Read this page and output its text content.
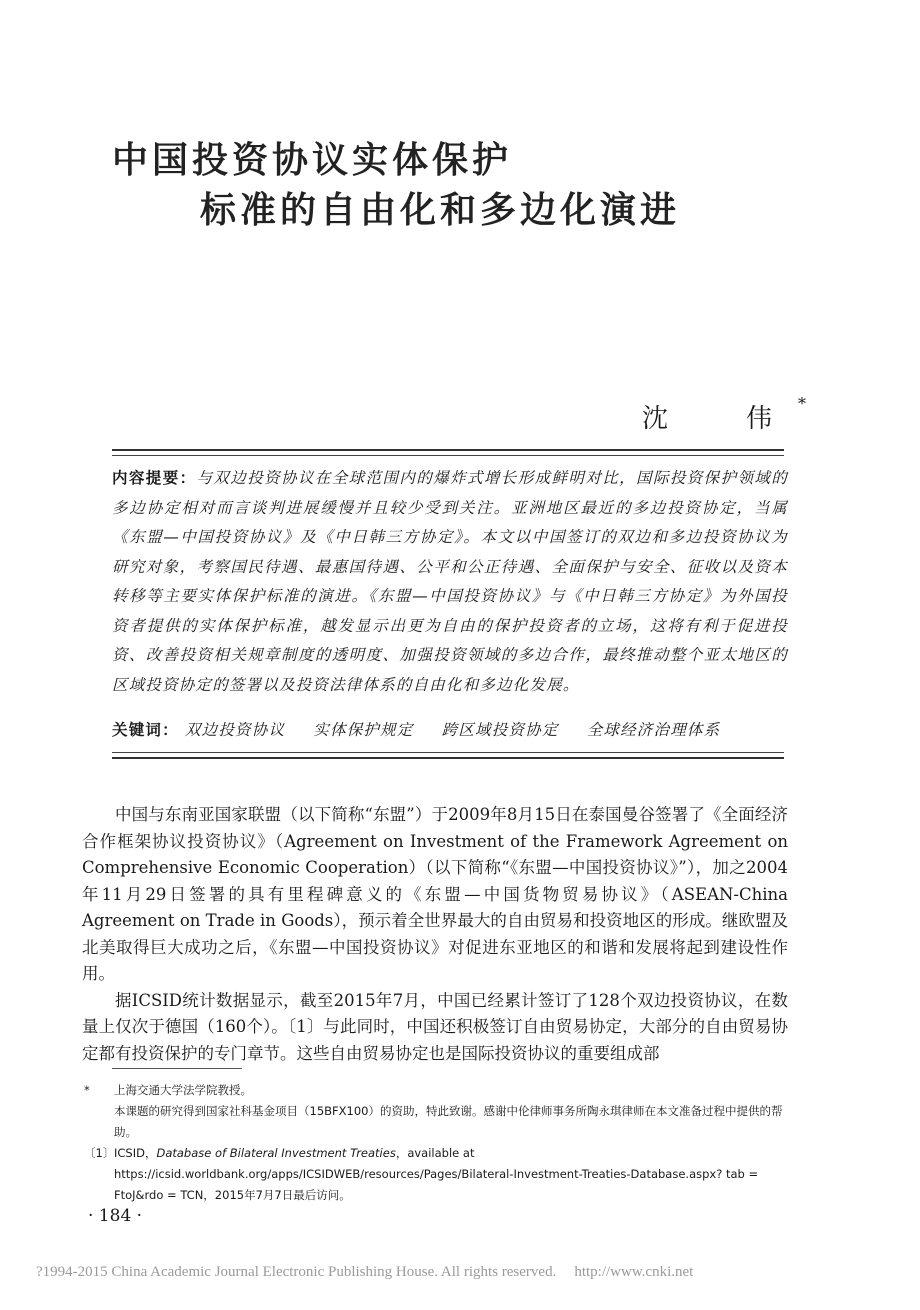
中国投资协议实体保护
标准的自由化和多边化演进
沈　伟*
内容提要：与双边投资协议在全球范围内的爆炸式增长形成鲜明对比，国际投资保护领域的多边协定相对而言谈判进展缓慢并且较少受到关注。亚洲地区最近的多边投资协定，当属《东盟—中国投资协议》及《中日韩三方协定》。本文以中国签订的双边和多边投资协议为研究对象，考察国民待遇、最惠国待遇、公平和公正待遇、全面保护与安全、征收以及资本转移等主要实体保护标准的演进。《东盟—中国投资协议》与《中日韩三方协定》为外国投资者提供的实体保护标准，越发显示出更为自由的保护投资者的立场，这将有利于促进投资、改善投资相关规章制度的透明度、加强投资领域的多边合作，最终推动整个亚太地区的区域投资协定的签署以及投资法律体系的自由化和多边化发展。
关键词： 双边投资协议 实体保护规定 跨区域投资协定 全球经济治理体系

中国与东南亚国家联盟（以下简称“东盟”）于2009年8月15日在泰国曼谷签署了《全面经济合作框架协议投资协议》（Agreement on Investment of the Framework Agreement on Comprehensive Economic Cooperation）（以下简称“《东盟—中国投资协议》”），加之2004年11月29日签署的具有里程碑意义的《东盟—中国货物贸易协议》（ASEAN-China Agreement on Trade in Goods），预示着全世界最大的自由贸易和投资地区的形成。继欧盟及北美取得巨大成功之后，《东盟—中国投资协议》对促进东亚地区的和谐和发展将起到建设性作用。

据ICSID统计数据显示，截至2015年7月，中国已经累计签订了128个双边投资协议，在数量上仅次于德国（160个）。〔1〕与此同时，中国还积极签订自由贸易协定，大部分的自由贸易协定都有投资保护的专门章节。这些自由贸易协定也是国际投资协议的重要组成部

*	上海交通大学法学院教授。
本课题的研究得到国家社科基金项目（15BFX100）的资助，特此致谢。感谢中伦律师事务所陶永琪律师在本文准备过程中提供的帮助。
〔1〕 ICSID，Database of Bilateral Investment Treaties，available at https://icsid.worldbank.org/apps/ICSIDWEB/resources/Pages/Bilateral-Investment-Treaties-Database.aspx? tab = FtoJ&rdo = TCN，2015年7月7日最后访问。
· 184 ·
?1994-2015 China Academic Journal Electronic Publishing House. All rights reserved. http://www.cnki.net
